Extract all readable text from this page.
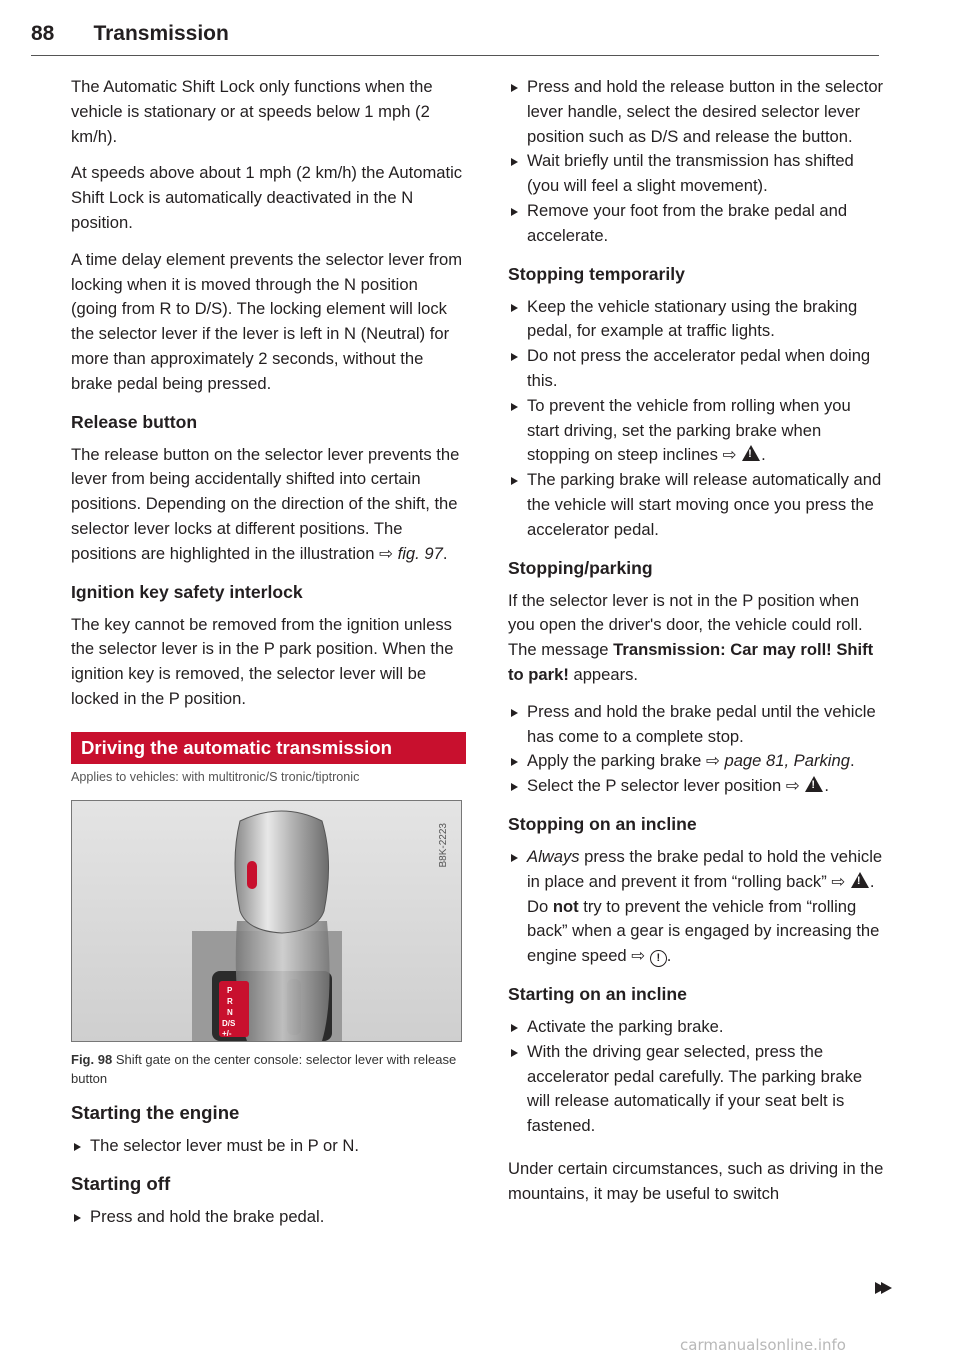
88 Transmission

The Automatic Shift Lock only functions when the vehicle is stationary or at speeds below 1 mph (2 km/h).

At speeds above about 1 mph (2 km/h) the Automatic Shift Lock is automatically deactivated in the N position.

A time delay element prevents the selector lever from locking when it is moved through the N position (going from R to D/S). The locking element will lock the selector lever if the lever is left in N (Neutral) for more than approximately 2 seconds, without the brake pedal being pressed.

Release button

The release button on the selector lever prevents the lever from being accidentally shifted into certain positions. Depending on the direction of the shift, the selector lever locks at different positions. The positions are highlighted in the illustration ⇨ fig. 97.

Ignition key safety interlock

The key cannot be removed from the ignition unless the selector lever is in the P park position. When the ignition key is removed, the selector lever will be locked in the P position.

Driving the automatic transmission
Applies to vehicles: with multitronic/S tronic/tiptronic
B8K-2223
P
R
N
D/S
+/-
Fig. 98 Shift gate on the center console: selector lever with release button
Starting the engine
The selector lever must be in P or N.
Starting off
Press and hold the brake pedal.
Press and hold the release button in the selector lever handle, select the desired selector lever position such as D/S and release the button.
Wait briefly until the transmission has shifted (you will feel a slight movement).
Remove your foot from the brake pedal and accelerate.
Stopping temporarily
Keep the vehicle stationary using the braking pedal, for example at traffic lights.
Do not press the accelerator pedal when doing this.
To prevent the vehicle from rolling when you start driving, set the parking brake when stopping on steep inclines ⇨ ! .
The parking brake will release automatically and the vehicle will start moving once you press the accelerator pedal.
Stopping/parking

If the selector lever is not in the P position when you open the driver's door, the vehicle could roll. The message Transmission: Car may roll! Shift to park! appears.

Press and hold the brake pedal until the vehicle has come to a complete stop.
Apply the parking brake ⇨ page 81, Parking.
Select the P selector lever position ⇨ ! .
Stopping on an incline
Always press the brake pedal to hold the vehicle in place and prevent it from “rolling back” ⇨ ! . Do not try to prevent the vehicle from “rolling back” when a gear is engaged by increasing the engine speed ⇨ ! .
Starting on an incline
Activate the parking brake.
With the driving gear selected, press the accelerator pedal carefully. The parking brake will release automatically if your seat belt is fastened.

Under certain circumstances, such as driving in the mountains, it may be useful to switch

carmanualsonline.info
